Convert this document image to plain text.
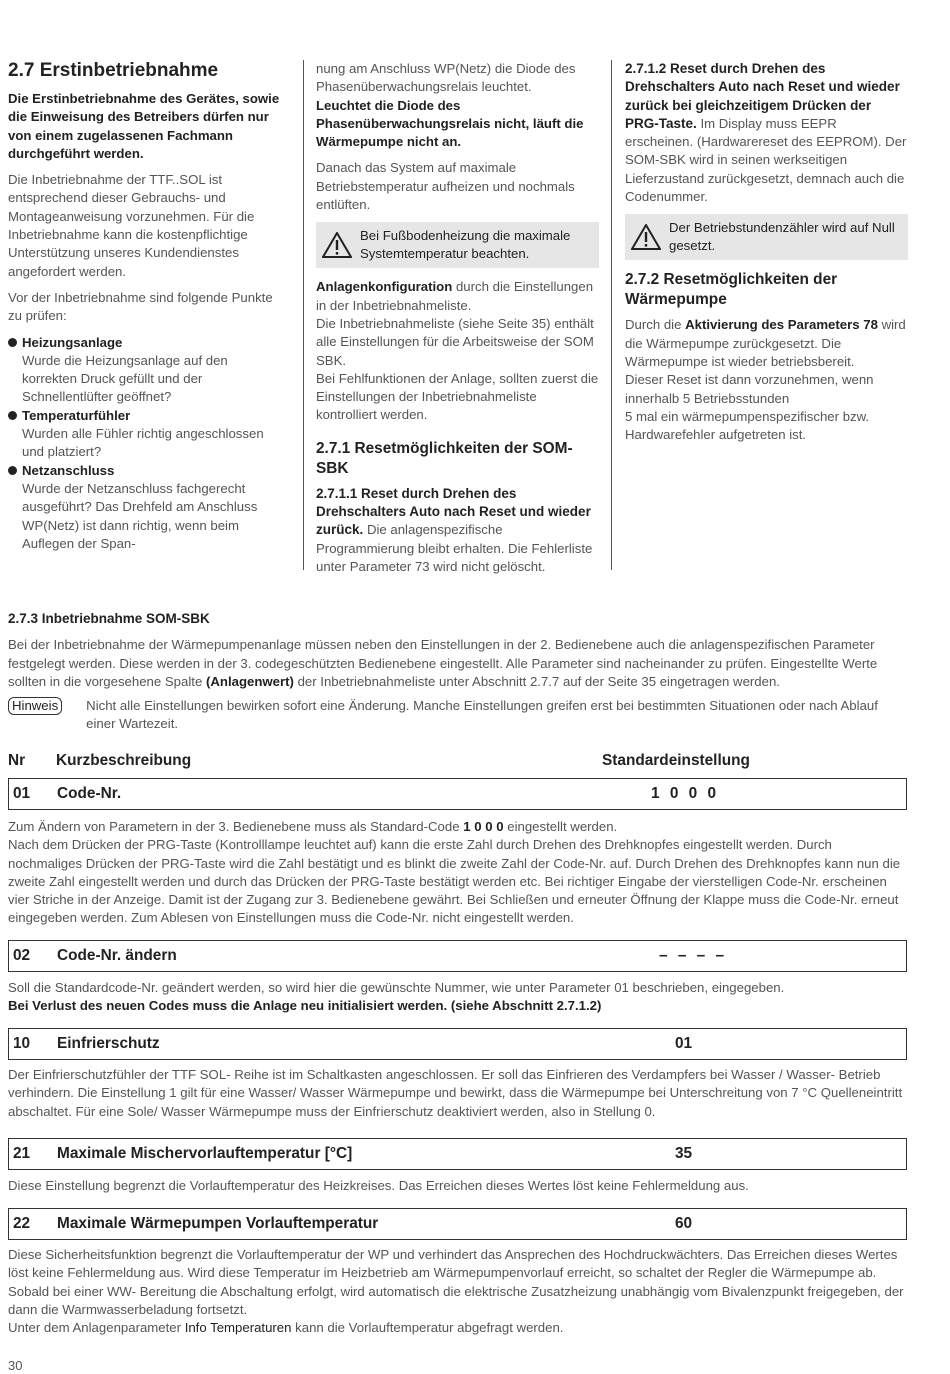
2.7 Erstinbetriebnahme

Die Erstinbetriebnahme des Gerätes, sowie die Einweisung des Betreibers dürfen nur von einem zugelassenen Fachmann durchgeführt werden.

Die Inbetriebnahme der TTF..SOL ist entsprechend dieser Gebrauchs- und Montageanweisung vorzunehmen. Für die Inbetriebnahme kann die kostenpflichtige Unterstützung unseres Kundendienstes angefordert werden.

Vor der Inbetriebnahme sind folgende Punkte zu prüfen:

Heizungsanlage
Wurde die Heizungsanlage auf den korrekten Druck gefüllt und der Schnellentlüfter geöffnet?
Temperaturfühler
Wurden alle Fühler richtig angeschlossen und platziert?
Netzanschluss
Wurde der Netzanschluss fachgerecht ausgeführt? Das Drehfeld am Anschluss WP(Netz) ist dann richtig, wenn beim Auflegen der Span-

nung am Anschluss WP(Netz) die Diode des Phasenüberwachungsrelais leuchtet.

Leuchtet die Diode des Phasenüberwachungsrelais nicht, läuft die Wärmepumpe nicht an.

Danach das System auf maximale Betriebstemperatur aufheizen und nochmals entlüften.

Bei Fußbodenheizung die maximale Systemtemperatur beachten.

Anlagenkonfiguration durch die Einstellungen in der Inbetriebnahmeliste.

Die Inbetriebnahmeliste (siehe Seite 35) enthält alle Einstellungen für die Arbeitsweise der SOM SBK.

Bei Fehlfunktionen der Anlage, sollten zuerst die Einstellungen der Inbetriebnahmeliste kontrolliert werden.

2.7.1 Resetmöglichkeiten der SOM-SBK

2.7.1.1 Reset durch Drehen des Drehschalters Auto nach Reset und wieder zurück. Die anlagenspezifische Programmierung bleibt erhalten. Die Fehlerliste unter Parameter 73 wird nicht gelöscht.

2.7.1.2 Reset durch Drehen des Drehschalters Auto nach Reset und wieder zurück bei gleichzeitigem Drücken der PRG-Taste. Im Display muss EEPR erscheinen. (Hardwarereset des EEPROM). Der SOM-SBK wird in seinen werkseitigen Lieferzustand zurückgesetzt, demnach auch die Codenummer.

Der Betriebstundenzähler wird auf Null gesetzt.
2.7.2 Resetmöglichkeiten der Wärmepumpe

Durch die Aktivierung des Parameters 78 wird die Wärmepumpe zurückgesetzt. Die Wärmepumpe ist wieder betriebsbereit.

Dieser Reset ist dann vorzunehmen, wenn innerhalb 5 Betriebsstunden

5 mal ein wärmepumpenspezifischer bzw. Hardwarefehler aufgetreten ist.

2.7.3 Inbetriebnahme SOM-SBK

Bei der Inbetriebnahme der Wärmepumpenanlage müssen neben den Einstellungen in der 2. Bedienebene auch die anlagenspezifischen Parameter festgelegt werden. Diese werden in der 3. codegeschützten Bedienebene eingestellt. Alle Parameter sind nacheinander zu prüfen. Eingestellte Werte sollten in die vorgesehene Spalte (Anlagenwert) der Inbetriebnahmeliste unter Abschnitt 2.7.7 auf der Seite 35 eingetragen werden.

Hinweis	Nicht alle Einstellungen bewirken sofort eine Änderung. Manche Einstellungen greifen erst bei bestimmten Situationen oder nach Ablauf einer Wartezeit.
Nr Kurzbeschreibung	Standardeinstellung
01 Code-Nr.	1 0 0 0

Zum Ändern von Parametern in der 3. Bedienebene muss als Standard-Code 1 0 0 0 eingestellt werden.

Nach dem Drücken der PRG-Taste (Kontrolllampe leuchtet auf) kann die erste Zahl durch Drehen des Drehknopfes eingestellt werden. Durch nochmaliges Drücken der PRG-Taste wird die Zahl bestätigt und es blinkt die zweite Zahl der Code-Nr. auf. Durch Drehen des Drehknopfes kann nun die zweite Zahl eingestellt werden und durch das Drücken der PRG-Taste bestätigt werden etc. Bei richtiger Eingabe der vierstelligen Code-Nr. erscheinen vier Striche in der Anzeige. Damit ist der Zugang zur 3. Bedienebene gewährt. Bei Schließen und erneuter Öffnung der Klappe muss die Code-Nr. erneut eingegeben werden. Zum Ablesen von Einstellungen muss die Code-Nr. nicht eingestellt werden.

02 Code-Nr. ändern	– – – –

Soll die Standardcode-Nr. geändert werden, so wird hier die gewünschte Nummer, wie unter Parameter 01 beschrieben, eingegeben.

Bei Verlust des neuen Codes muss die Anlage neu initialisiert werden. (siehe Abschnitt 2.7.1.2)

10 Einfrierschutz	01

Der Einfrierschutzfühler der TTF SOL- Reihe ist im Schaltkasten angeschlossen. Er soll das Einfrieren des Verdampfers bei Wasser / Wasser- Betrieb verhindern. Die Einstellung 1 gilt für eine Wasser/ Wasser Wärmepumpe und bewirkt, dass die Wärmepumpe bei Unterschreitung von 7 °C Quelleneintritt abschaltet. Für eine Sole/ Wasser Wärmepumpe muss der Einfrierschutz deaktiviert werden, also in Stellung 0.

21 Maximale Mischervorlauftemperatur [°C]	35

Diese Einstellung begrenzt die Vorlauftemperatur des Heizkreises. Das Erreichen dieses Wertes löst keine Fehlermeldung aus.

22 Maximale Wärmepumpen Vorlauftemperatur	60

Diese Sicherheitsfunktion begrenzt die Vorlauftemperatur der WP und verhindert das Ansprechen des Hochdruckwächters. Das Erreichen dieses Wertes löst keine Fehlermeldung aus. Wird diese Temperatur im Heizbetrieb am Wärmepumpenvorlauf erreicht, so schaltet der Regler die Wärmepumpe ab. Sobald bei einer WW- Bereitung die Abschaltung erfolgt, wird automatisch die elektrische Zusatzheizung unabhängig vom Bivalenzpunkt freigegeben, der dann die Warmwasserbeladung fortsetzt.

Unter dem Anlagenparameter Info Temperaturen kann die Vorlauftemperatur abgefragt werden.

30
